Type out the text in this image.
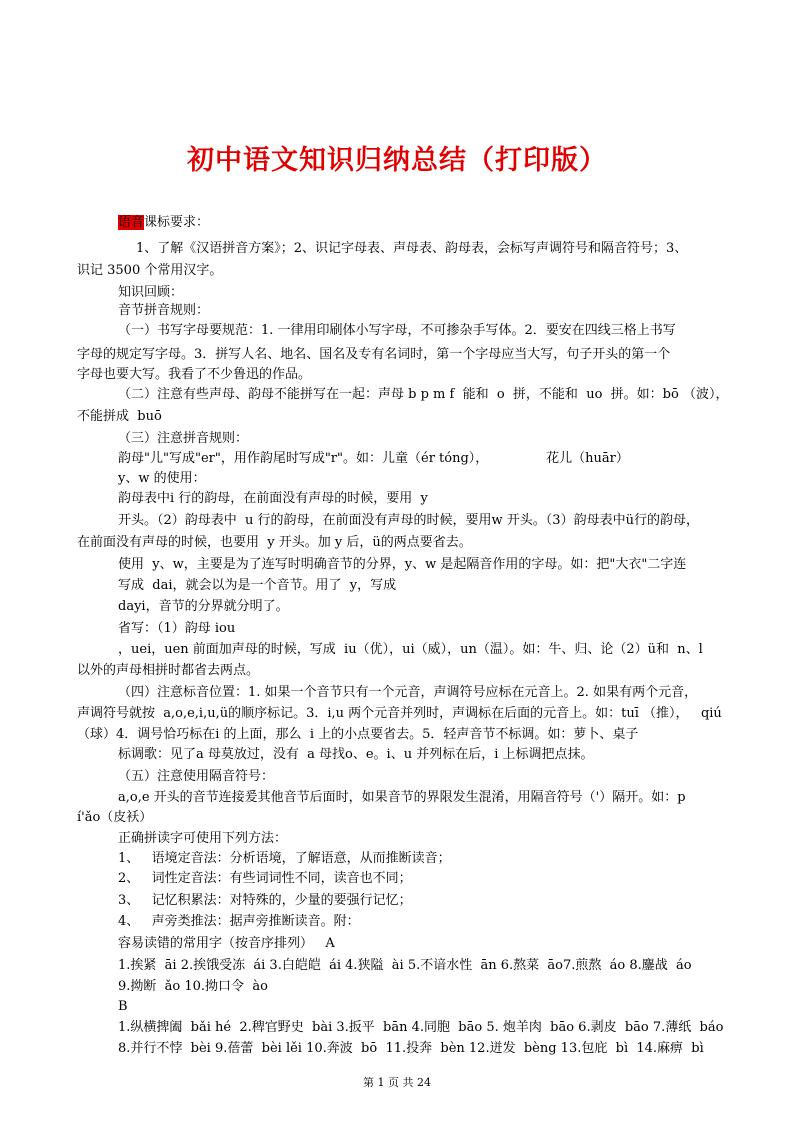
初中语文知识归纳总结（打印版）
语音课标要求：
1、了解《汉语拼音方案》；2、识记字母表、声母表、韵母表，会标写声调符号和隔音符号；3、
识记 3500 个常用汉字。
知识回顾：
音节拼音规则：
（一）书写字母要规范：1. 一律用印刷体小写字母，不可掺杂手写体。2．要安在四线三格上书写
字母的规定写字母。3．拼写人名、地名、国名及专有名词时，第一个字母应当大写，句子开头的第一个
字母也要大写。我看了不少鲁迅的作品。
（二）注意有些声母、韵母不能拼写在一起：声母 b p m f  能和  o  拼，不能和  uo  拼。如：bō （波），
不能拼成  buō
（三）注意拼音规则：
韵母"儿"写成"er"，用作韵尾时写成"r"。如：儿童（ér tóng），              花儿（huār）
y、w 的使用：
韵母表中i 行的韵母，在前面没有声母的时候，要用  y
开头。（2）韵母表中  u 行的韵母，在前面没有声母的时候，要用w 开头。（3）韵母表中ü行的韵母，
在前面没有声母的时候，也要用  y 开头。加 y 后，ü的两点要省去。
使用  y、w，主要是为了连写时明确音节的分界，y、w 是起隔音作用的字母。如：把"大衣"二字连
写成  dai，就会以为是一个音节。用了  y，写成
dayi，音节的分界就分明了。
省写：（1）韵母 iou
，uei，uen 前面加声母的时候，写成  iu（优），ui（威），un（温）。如：牛、归、论（2）ü和  n、l
以外的声母相拼时都省去两点。
（四）注意标音位置：1. 如果一个音节只有一个元音，声调符号应标在元音上。2. 如果有两个元音，
声调符号就按  a,o,e,i,u,ü的顺序标记。3．i,u 两个元音并列时，声调标在后面的元音上。如：tuī （推），   qiú
（球）4．调号恰巧标在i 的上面，那么  i 上的小点要省去。5．轻声音节不标调。如：萝卜、桌子
标调歌：见了a 母莫放过，没有  a 母找o、e。i、u 并列标在后，i 上标调把点抹。
（五）注意使用隔音符号：
a,o,e 开头的音节连接爰其他音节后面时，如果音节的界限发生混淆，用隔音符号（'）隔开。如：p
í'ǎo（皮袄）
正确拼读字可使用下列方法：
1、   语境定音法：分析语境，了解语意，从而推断读音；
2、   词性定音法：有些词词性不同，读音也不同；
3、   记忆积累法：对特殊的，少量的要强行记忆；
4、   声旁类推法：据声旁推断读音。附：
容易读错的常用字（按音序排列）   A
1.挨紧  āi 2.挨饿受冻  ái 3.白皑皑  ái 4.狭隘  ài 5.不谙水性  ān 6.熬菜  āo7.煎熬  áo 8.鏖战  áo
9.拗断  ǎo 10.拗口令  ào
B
1.纵横捭阖  bǎi hé  2.稗官野史  bài 3.扳平  bān 4.同胞  bāo 5. 炮羊肉  bāo 6.剥皮  bāo 7.薄纸  báo
8.并行不悖  bèi 9.蓓蕾  bèi lěi 10.奔波  bō  11.投奔  bèn 12.迸发  bèng 13.包庇  bì  14.麻痹  bì
第 1 页 共 24
